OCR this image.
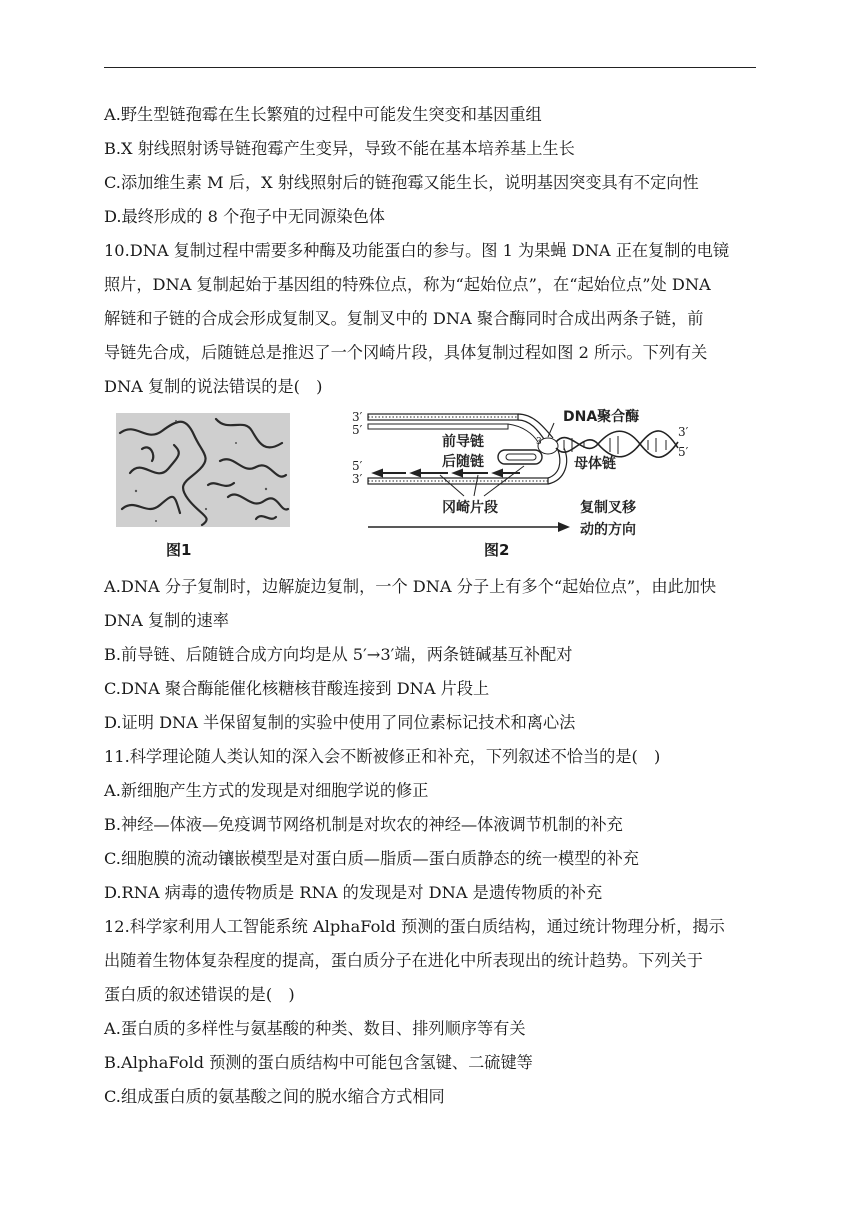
A.野生型链孢霉在生长繁殖的过程中可能发生突变和基因重组
B.X 射线照射诱导链孢霉产生变异，导致不能在基本培养基上生长
C.添加维生素 M 后，X 射线照射后的链孢霉又能生长，说明基因突变具有不定向性
D.最终形成的 8 个孢子中无同源染色体
10.DNA 复制过程中需要多种酶及功能蛋白的参与。图 1 为果蝇 DNA 正在复制的电镜
照片，DNA 复制起始于基因组的特殊位点，称为“起始位点”，在“起始位点”处 DNA
解链和子链的合成会形成复制叉。复制叉中的 DNA 聚合酶同时合成出两条子链，前
导链先合成，后随链总是推迟了一个冈崎片段，具体复制过程如图 2 所示。下列有关
DNA 复制的说法错误的是(　)
图1
3′
5′
5′
3′
3
3′
5′
DNA聚合酶
前导链
后随链	母体链
冈崎片段	复制叉移
动的方向
图2
A.DNA 分子复制时，边解旋边复制，一个 DNA 分子上有多个“起始位点”，由此加快
DNA 复制的速率
B.前导链、后随链合成方向均是从 5′→3′端，两条链碱基互补配对
C.DNA 聚合酶能催化核糖核苷酸连接到 DNA 片段上
D.证明 DNA 半保留复制的实验中使用了同位素标记技术和离心法
11.科学理论随人类认知的深入会不断被修正和补充，下列叙述不恰当的是(　)
A.新细胞产生方式的发现是对细胞学说的修正
B.神经—体液—免疫调节网络机制是对坎农的神经—体液调节机制的补充
C.细胞膜的流动镶嵌模型是对蛋白质—脂质—蛋白质静态的统一模型的补充
D.RNA 病毒的遗传物质是 RNA 的发现是对 DNA 是遗传物质的补充
12.科学家利用人工智能系统 AlphaFold 预测的蛋白质结构，通过统计物理分析，揭示
出随着生物体复杂程度的提高，蛋白质分子在进化中所表现出的统计趋势。下列关于
蛋白质的叙述错误的是(　)
A.蛋白质的多样性与氨基酸的种类、数目、排列顺序等有关
B.AlphaFold 预测的蛋白质结构中可能包含氢键、二硫键等
C.组成蛋白质的氨基酸之间的脱水缩合方式相同
